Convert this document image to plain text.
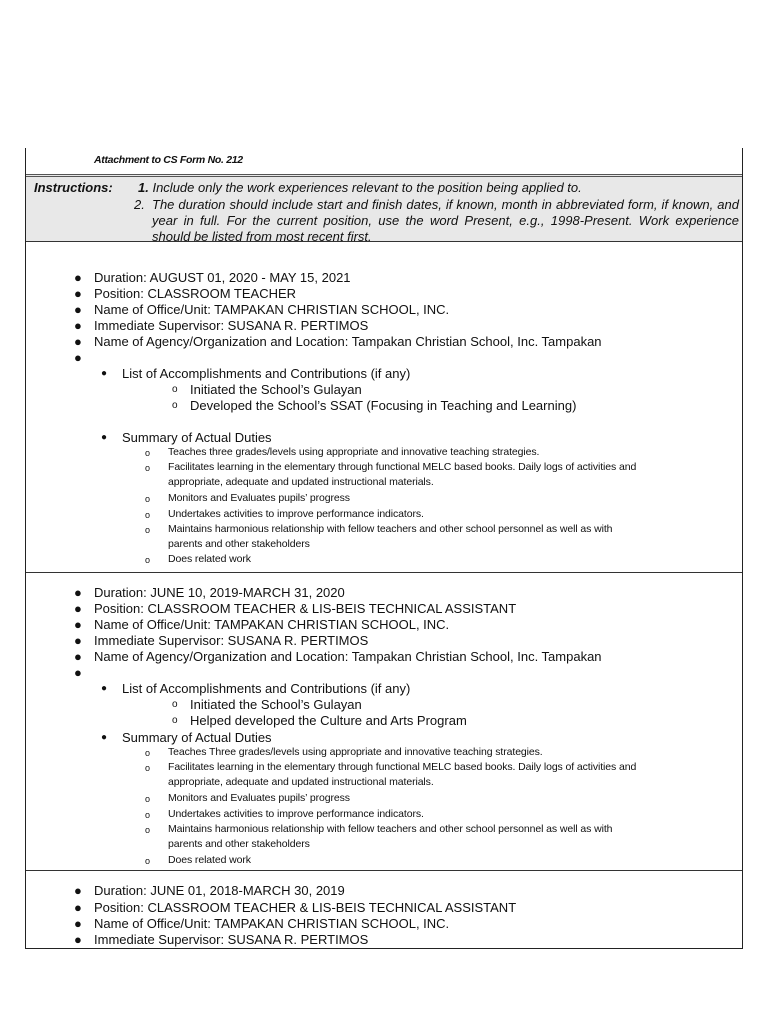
Attachment to CS Form No. 212
Instructions: 1. Include only the work experiences relevant to the position being applied to.
2. The duration should include start and finish dates, if known, month in abbreviated form, if known, and year in full. For the current position, use the word Present, e.g., 1998-Present. Work experience should be listed from most recent first.
● Duration: AUGUST 01, 2020 - MAY 15, 2021
● Position: CLASSROOM TEACHER
● Name of Office/Unit: TAMPAKAN CHRISTIAN SCHOOL, INC.
● Immediate Supervisor: SUSANA R. PERTIMOS
● Name of Agency/Organization and Location: Tampakan Christian School, Inc. Tampakan
●
● List of Accomplishments and Contributions (if any)
o Initiated the School’s Gulayan
o Developed the School’s SSAT (Focusing in Teaching and Learning)
● Summary of Actual Duties
o Teaches three grades/levels using appropriate and innovative teaching strategies.
o Facilitates learning in the elementary through functional MELC based books. Daily logs of activities and
appropriate, adequate and updated instructional materials.
o Monitors and Evaluates pupils’ progress
o Undertakes activities to improve performance indicators.
o Maintains harmonious relationship with fellow teachers and other school personnel as well as with
parents and other stakeholders
o Does related work
● Duration: JUNE 10, 2019-MARCH 31, 2020
● Position: CLASSROOM TEACHER & LIS-BEIS TECHNICAL ASSISTANT
● Name of Office/Unit: TAMPAKAN CHRISTIAN SCHOOL, INC.
● Immediate Supervisor: SUSANA R. PERTIMOS
● Name of Agency/Organization and Location: Tampakan Christian School, Inc. Tampakan
●
● List of Accomplishments and Contributions (if any)
o Initiated the School’s Gulayan
o Helped developed the Culture and Arts Program
● Summary of Actual Duties
o Teaches Three grades/levels using appropriate and innovative teaching strategies.
o Facilitates learning in the elementary through functional MELC based books. Daily logs of activities and
appropriate, adequate and updated instructional materials.
o Monitors and Evaluates pupils’ progress
o Undertakes activities to improve performance indicators.
o Maintains harmonious relationship with fellow teachers and other school personnel as well as with
parents and other stakeholders
o Does related work
● Duration: JUNE 01, 2018-MARCH 30, 2019
● Position: CLASSROOM TEACHER & LIS-BEIS TECHNICAL ASSISTANT
● Name of Office/Unit: TAMPAKAN CHRISTIAN SCHOOL, INC.
● Immediate Supervisor: SUSANA R. PERTIMOS
